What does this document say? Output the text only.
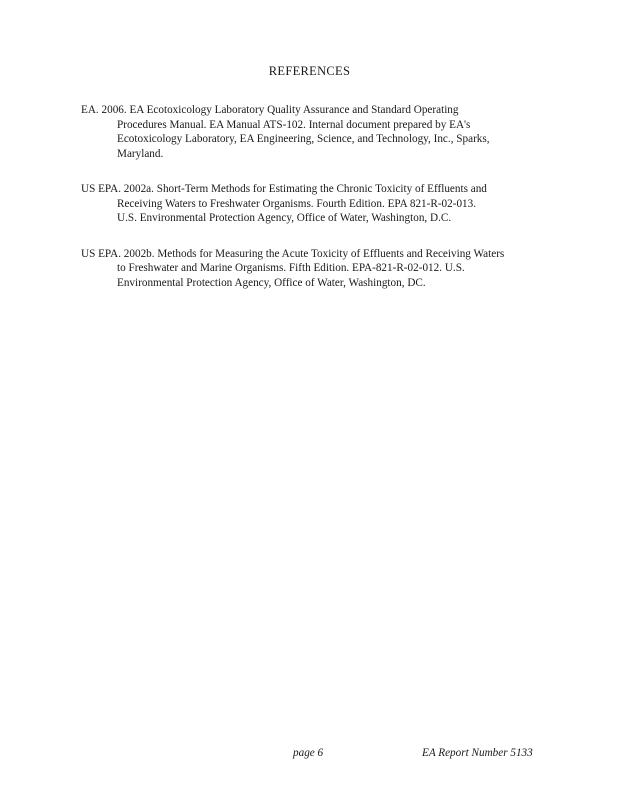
REFERENCES
EA. 2006. EA Ecotoxicology Laboratory Quality Assurance and Standard Operating
Procedures Manual. EA Manual ATS-102. Internal document prepared by EA's
Ecotoxicology Laboratory, EA Engineering, Science, and Technology, Inc., Sparks,
Maryland.
US EPA. 2002a. Short-Term Methods for Estimating the Chronic Toxicity of Effluents and
Receiving Waters to Freshwater Organisms. Fourth Edition. EPA 821-R-02-013.
U.S. Environmental Protection Agency, Office of Water, Washington, D.C.
US EPA. 2002b. Methods for Measuring the Acute Toxicity of Effluents and Receiving Waters
to Freshwater and Marine Organisms. Fifth Edition. EPA-821-R-02-012. U.S.
Environmental Protection Agency, Office of Water, Washington, DC.
page 6	EA Report Number 5133
